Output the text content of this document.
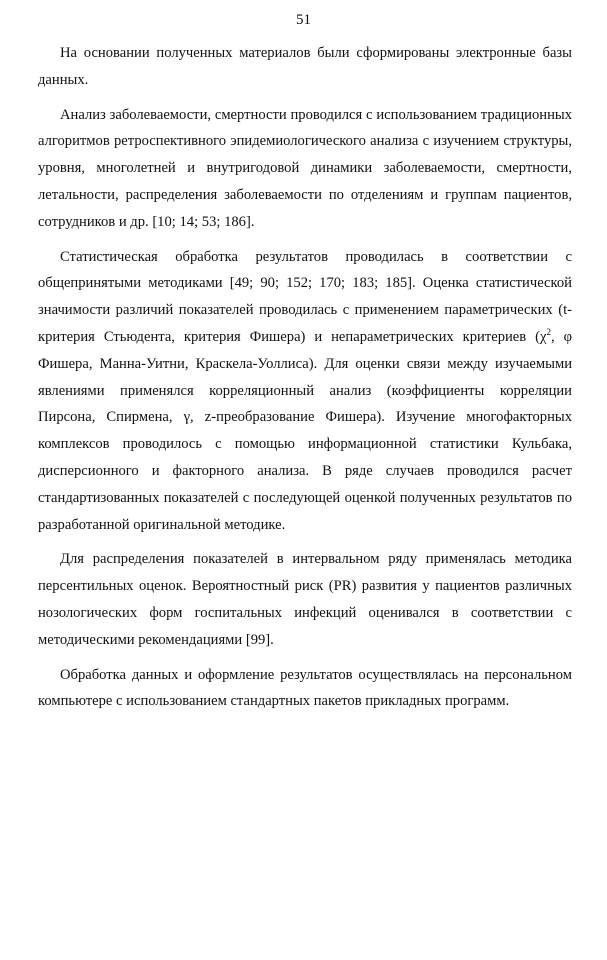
51

На основании полученных материалов были сформированы электронные базы данных.

Анализ заболеваемости, смертности проводился с использованием традиционных алгоритмов ретроспективного эпидемиологического анализа с изучением структуры, уровня, многолетней и внутригодовой динамики заболеваемости, смертности, летальности, распределения заболеваемости по отделениям и группам пациентов, сотрудников и др. [10; 14; 53; 186].

Статистическая обработка результатов проводилась в соответствии с общепринятыми методиками [49; 90; 152; 170; 183; 185]. Оценка статистической значимости различий показателей проводилась с применением параметрических (t-критерия Стьюдента, критерия Фишера) и непараметрических критериев ($\chi^2$, φ Фишера, Манна-Уитни, Краскела-Уоллиса). Для оценки связи между изучаемыми явлениями применялся корреляционный анализ (коэффициенты корреляции Пирсона, Спирмена, γ, z-преобразование Фишера). Изучение многофакторных комплексов проводилось с помощью информационной статистики Кульбака, дисперсионного и факторного анализа. В ряде случаев проводился расчет стандартизованных показателей с последующей оценкой полученных результатов по разработанной оригинальной методике.

Для распределения показателей в интервальном ряду применялась методика персентильных оценок. Вероятностный риск (PR) развития у пациентов различных нозологических форм госпитальных инфекций оценивался в соответствии с методическими рекомендациями [99].

Обработка данных и оформление результатов осуществлялась на персональном компьютере с использованием стандартных пакетов прикладных программ.
